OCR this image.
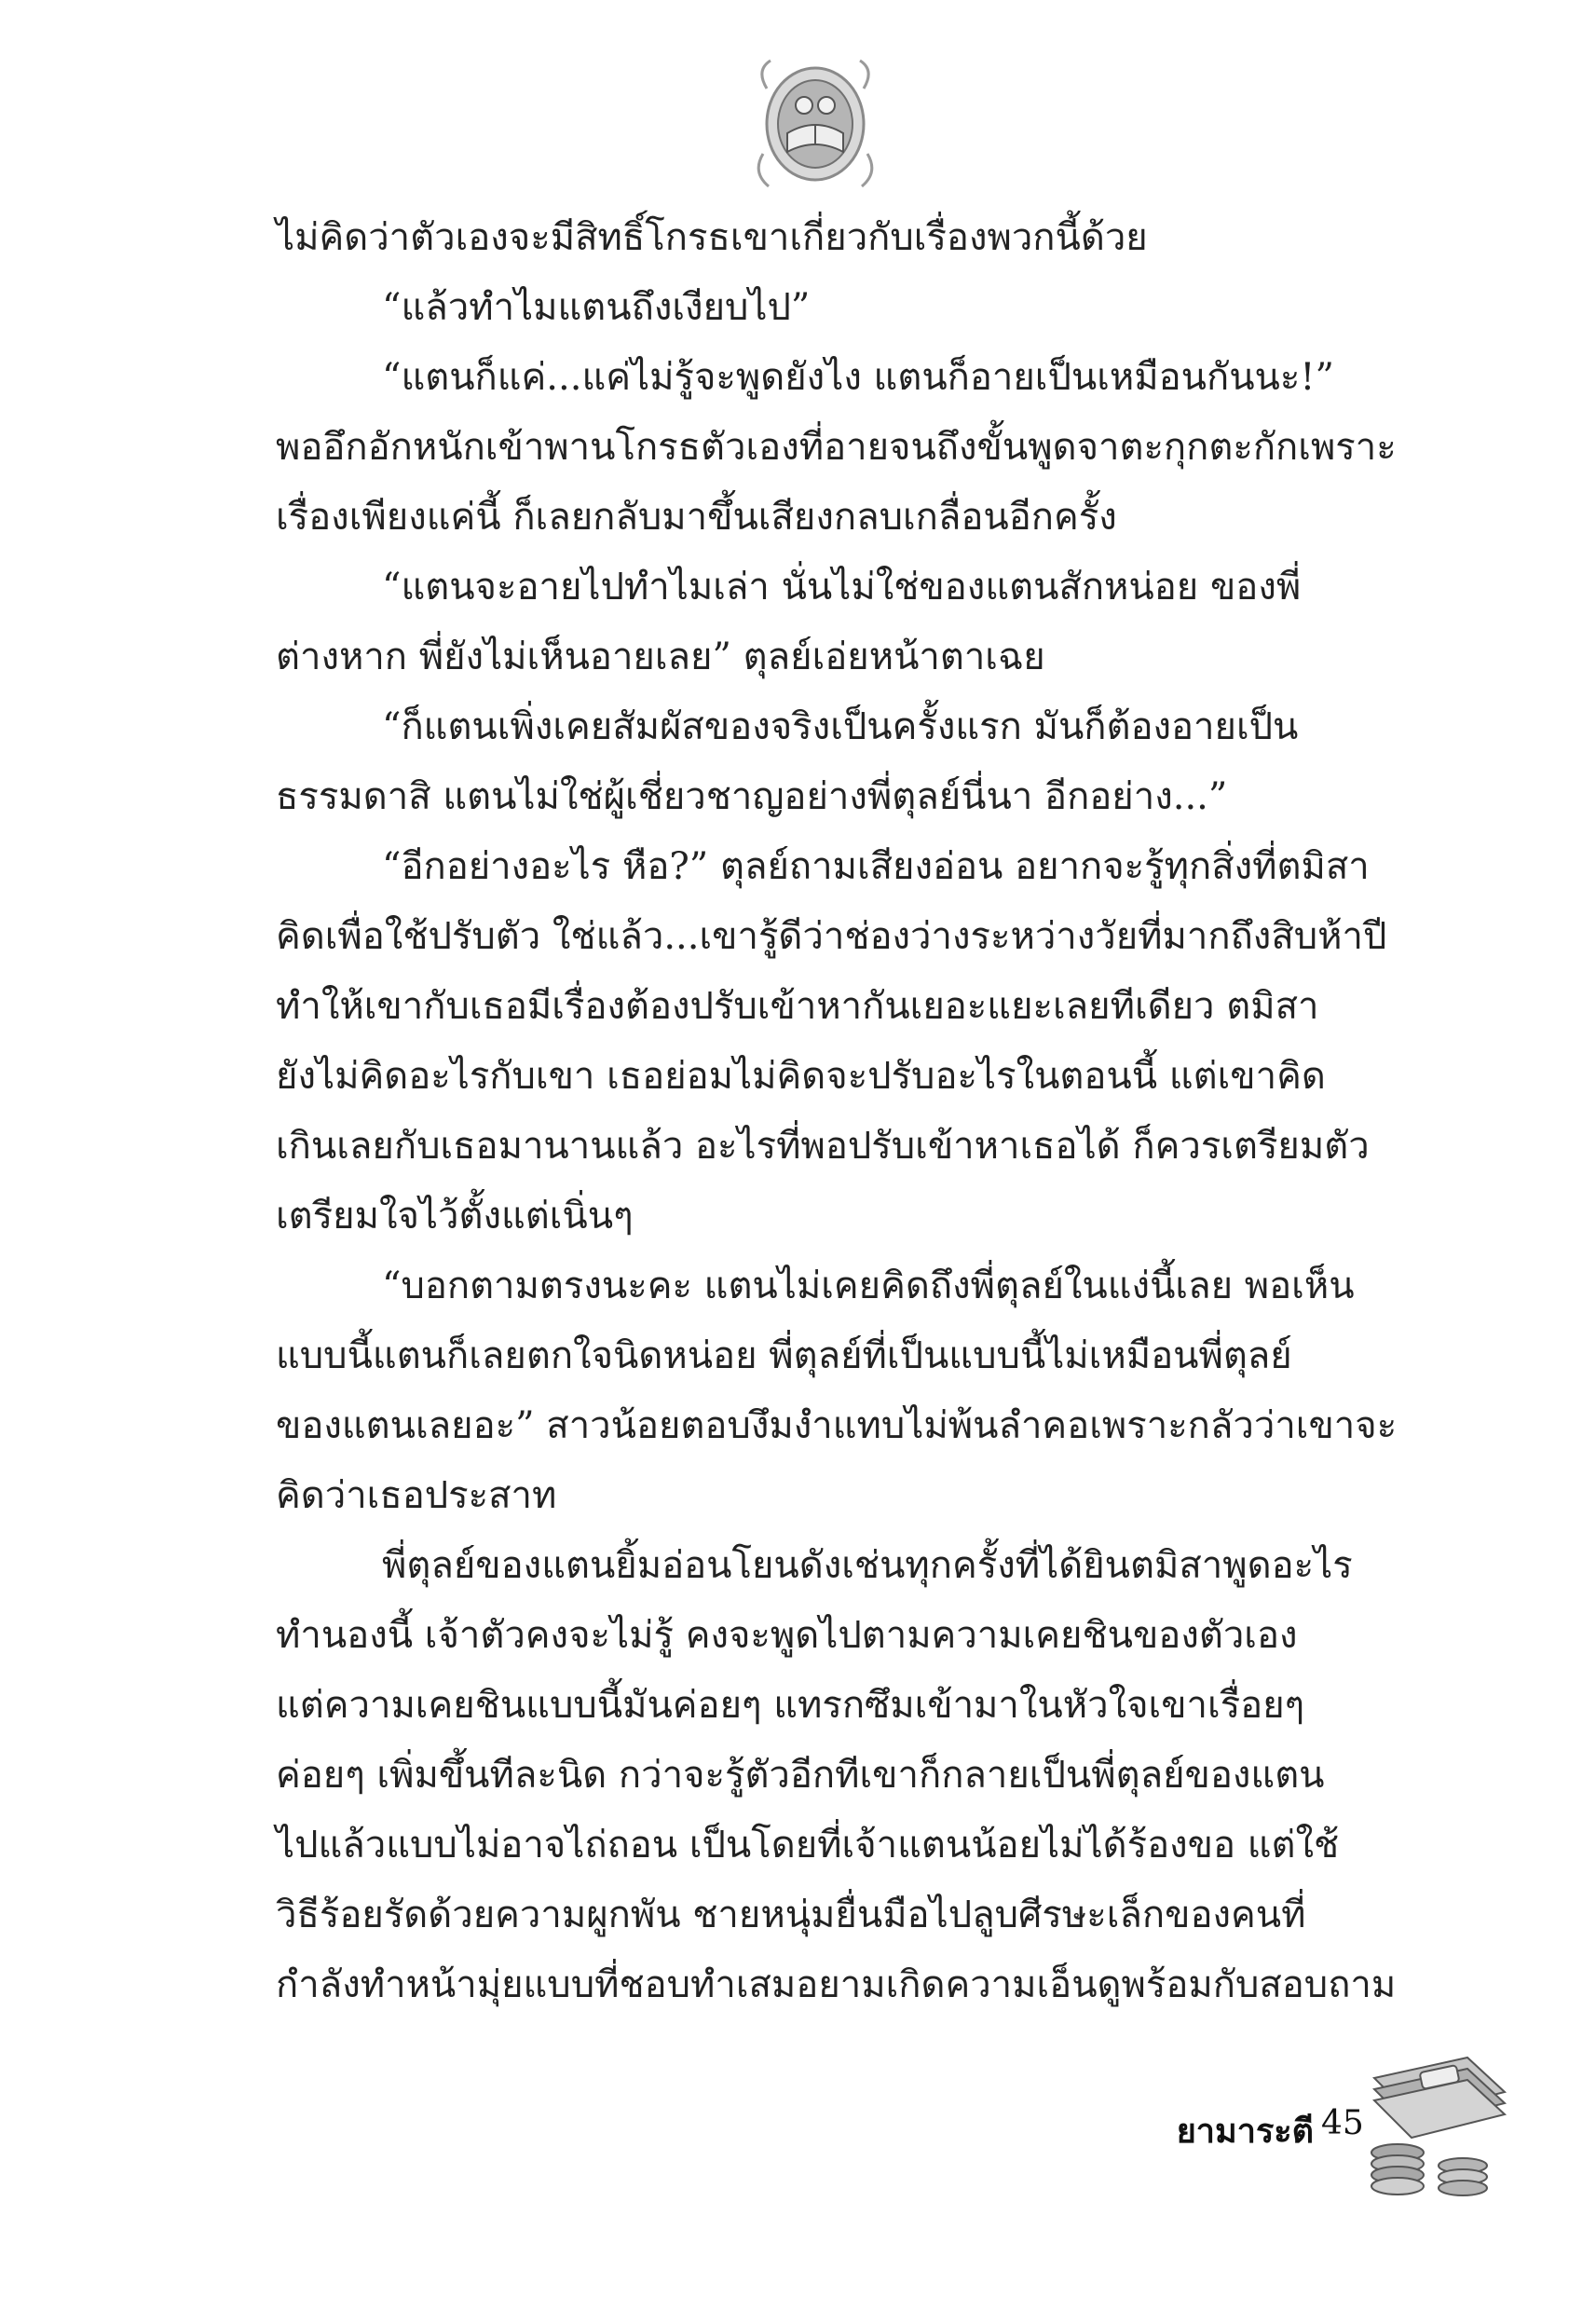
ไม่คิดว่าตัวเองจะมีสิทธิ์โกรธเขาเกี่ยวกับเรื่องพวกนี้ด้วย

“แล้วทำไมแตนถึงเงียบไป”

“แตนก็แค่...แค่ไม่รู้จะพูดยังไง แตนก็อายเป็นเหมือนกันนะ!”

พออึกอักหนักเข้าพานโกรธตัวเองที่อายจนถึงขั้นพูดจาตะกุกตะกักเพราะ

เรื่องเพียงแค่นี้ ก็เลยกลับมาขึ้นเสียงกลบเกลื่อนอีกครั้ง

“แตนจะอายไปทำไมเล่า นั่นไม่ใช่ของแตนสักหน่อย ของพี่

ต่างหาก พี่ยังไม่เห็นอายเลย” ตุลย์เอ่ยหน้าตาเฉย

“ก็แตนเพิ่งเคยสัมผัสของจริงเป็นครั้งแรก มันก็ต้องอายเป็น

ธรรมดาสิ แตนไม่ใช่ผู้เชี่ยวชาญอย่างพี่ตุลย์นี่นา อีกอย่าง...”

“อีกอย่างอะไร หือ?” ตุลย์ถามเสียงอ่อน อยากจะรู้ทุกสิ่งที่ตมิสา

คิดเพื่อใช้ปรับตัว ใช่แล้ว...เขารู้ดีว่าช่องว่างระหว่างวัยที่มากถึงสิบห้าปี

ทำให้เขากับเธอมีเรื่องต้องปรับเข้าหากันเยอะแยะเลยทีเดียว ตมิสา

ยังไม่คิดอะไรกับเขา เธอย่อมไม่คิดจะปรับอะไรในตอนนี้ แต่เขาคิด

เกินเลยกับเธอมานานแล้ว อะไรที่พอปรับเข้าหาเธอได้ ก็ควรเตรียมตัว

เตรียมใจไว้ตั้งแต่เนิ่นๆ

“บอกตามตรงนะคะ แตนไม่เคยคิดถึงพี่ตุลย์ในแง่นี้เลย พอเห็น

แบบนี้แตนก็เลยตกใจนิดหน่อย พี่ตุลย์ที่เป็นแบบนี้ไม่เหมือนพี่ตุลย์

ของแตนเลยอะ” สาวน้อยตอบงึมงำแทบไม่พ้นลำคอเพราะกลัวว่าเขาจะ

คิดว่าเธอประสาท

พี่ตุลย์ของแตนยิ้มอ่อนโยนดังเช่นทุกครั้งที่ได้ยินตมิสาพูดอะไร

ทำนองนี้ เจ้าตัวคงจะไม่รู้ คงจะพูดไปตามความเคยชินของตัวเอง

แต่ความเคยชินแบบนี้มันค่อยๆ แทรกซึมเข้ามาในหัวใจเขาเรื่อยๆ

ค่อยๆ เพิ่มขึ้นทีละนิด กว่าจะรู้ตัวอีกทีเขาก็กลายเป็นพี่ตุลย์ของแตน

ไปแล้วแบบไม่อาจไถ่ถอน เป็นโดยที่เจ้าแตนน้อยไม่ได้ร้องขอ แต่ใช้

วิธีร้อยรัดด้วยความผูกพัน ชายหนุ่มยื่นมือไปลูบศีรษะเล็กของคนที่

กำลังทำหน้ามุ่ยแบบที่ชอบทำเสมอยามเกิดความเอ็นดูพร้อมกับสอบถาม

ยามาระตี 45
